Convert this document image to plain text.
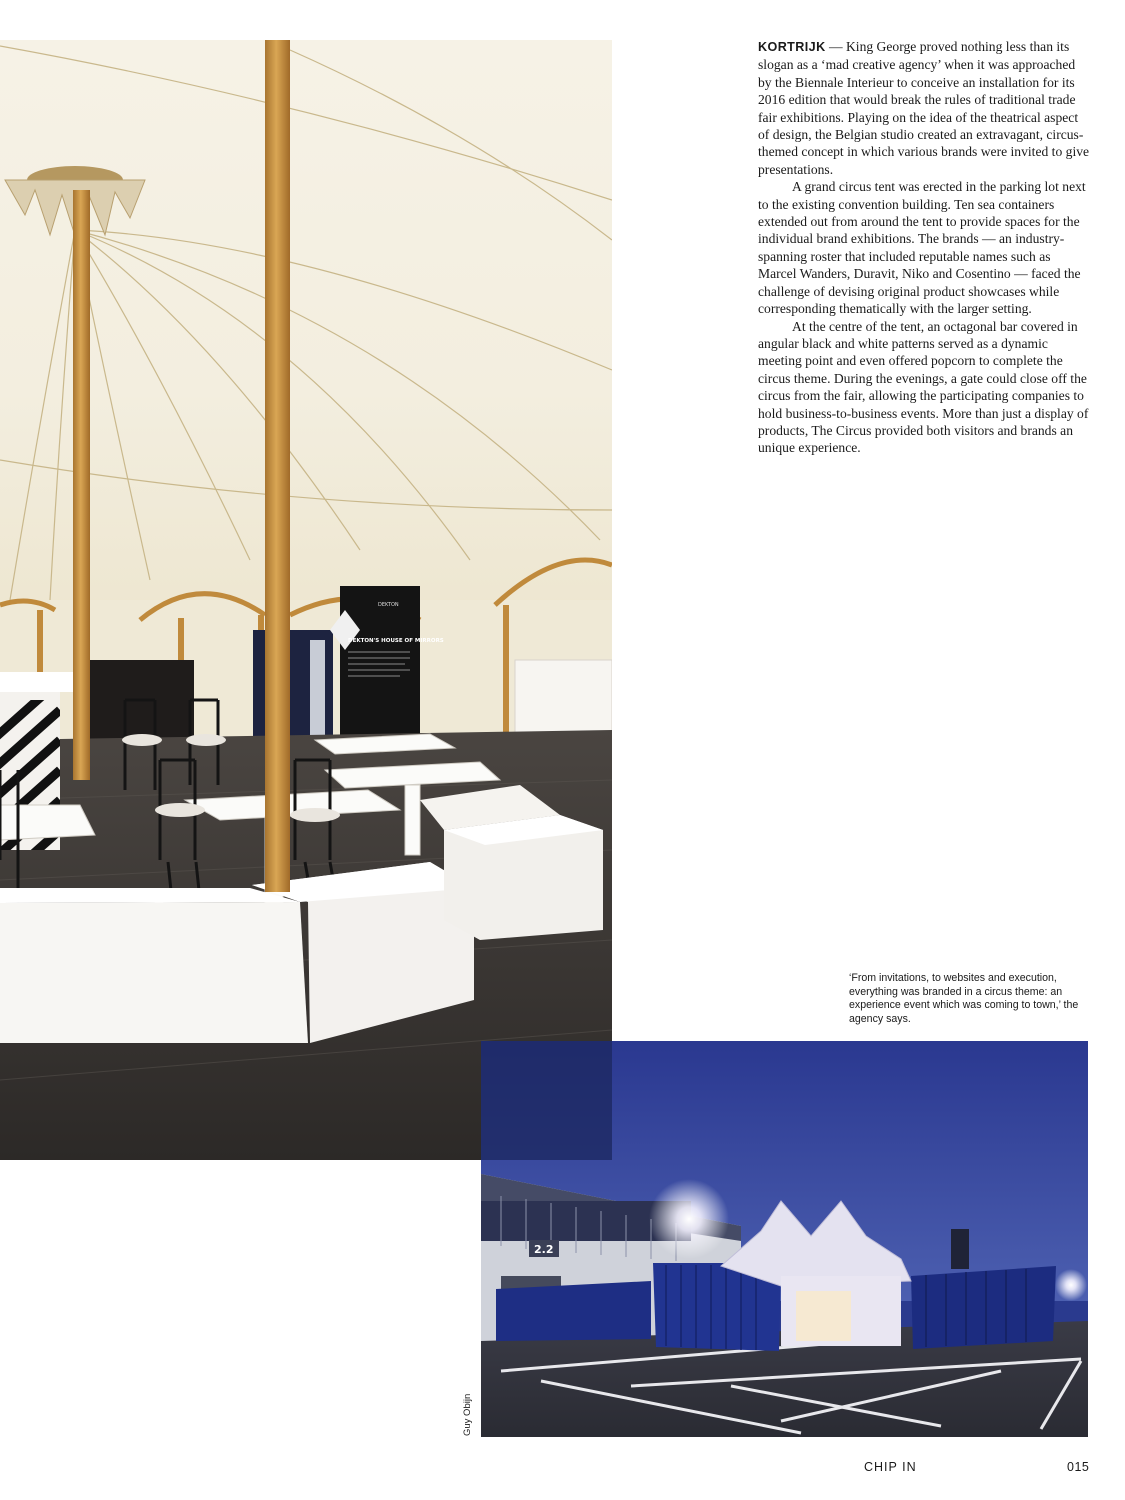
DEKTON
DEKTON'S HOUSE OF MIRRORS

KORTRIJK — King George proved nothing less than its slogan as a ‘mad creative agency’ when it was approached by the Biennale Interieur to conceive an installation for its 2016 edition that would break the rules of traditional trade fair exhibitions. Playing on the idea of the theatrical aspect of design, the Belgian studio created an extravagant, circus-themed concept in which various brands were invited to give presentations.

A grand circus tent was erected in the parking lot next to the existing convention building. Ten sea containers extended out from around the tent to provide spaces for the individual brand exhibitions. The brands — an industry-spanning roster that included reputable names such as Marcel Wanders, Duravit, Niko and Cosentino — faced the challenge of devising original product showcases while corresponding thematically with the larger setting.

At the centre of the tent, an octagonal bar covered in angular black and white patterns served as a dynamic meeting point and even offered popcorn to complete the circus theme. During the evenings, a gate could close off the circus from the fair, allowing the participating companies to hold business-to-business events. More than just a display of products, The Circus provided both visitors and brands an unique experience.

‘From invitations, to websites and execution, everything was branded in a circus theme: an experience event which was coming to town,’ the agency says.
2.2
Guy Obijn
CHIP IN	015
